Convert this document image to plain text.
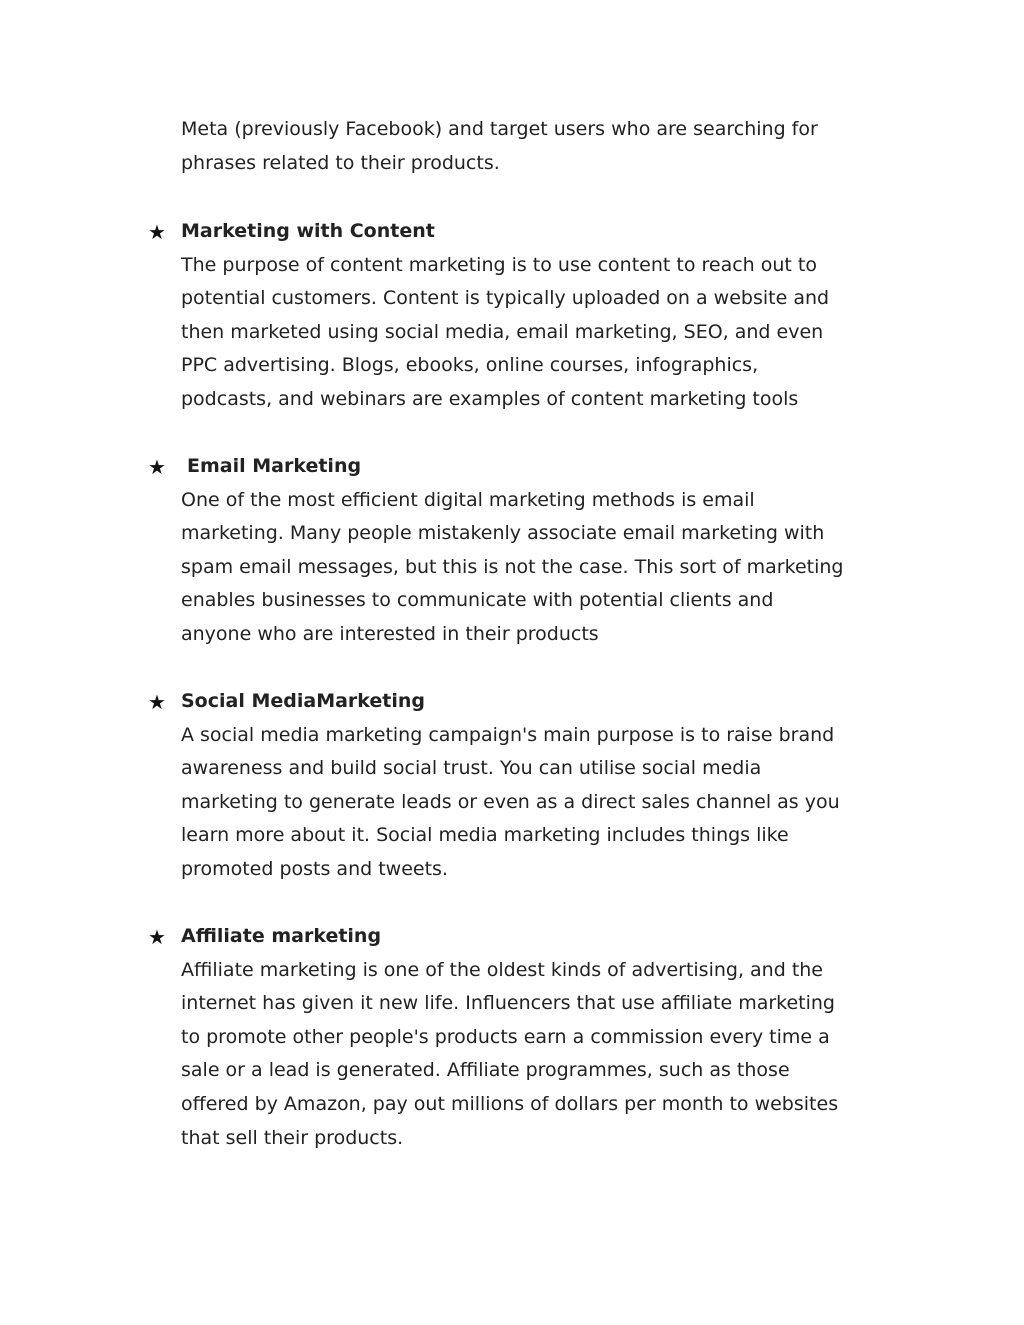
Meta (previously Facebook) and target users who are searching for
phrases related to their products.

★ Marketing with Content

The purpose of content marketing is to use content to reach out to
potential customers. Content is typically uploaded on a website and
then marketed using social media, email marketing, SEO, and even
PPC advertising. Blogs, ebooks, online courses, infographics,
podcasts, and webinars are examples of content marketing tools

★ Email Marketing

One of the most efficient digital marketing methods is email
marketing. Many people mistakenly associate email marketing with
spam email messages, but this is not the case. This sort of marketing
enables businesses to communicate with potential clients and
anyone who are interested in their products

★ Social MediaMarketing

A social media marketing campaign's main purpose is to raise brand
awareness and build social trust. You can utilise social media
marketing to generate leads or even as a direct sales channel as you
learn more about it. Social media marketing includes things like
promoted posts and tweets.

★ Affiliate marketing

Affiliate marketing is one of the oldest kinds of advertising, and the
internet has given it new life. Influencers that use affiliate marketing
to promote other people's products earn a commission every time a
sale or a lead is generated. Affiliate programmes, such as those
offered by Amazon, pay out millions of dollars per month to websites
that sell their products.
